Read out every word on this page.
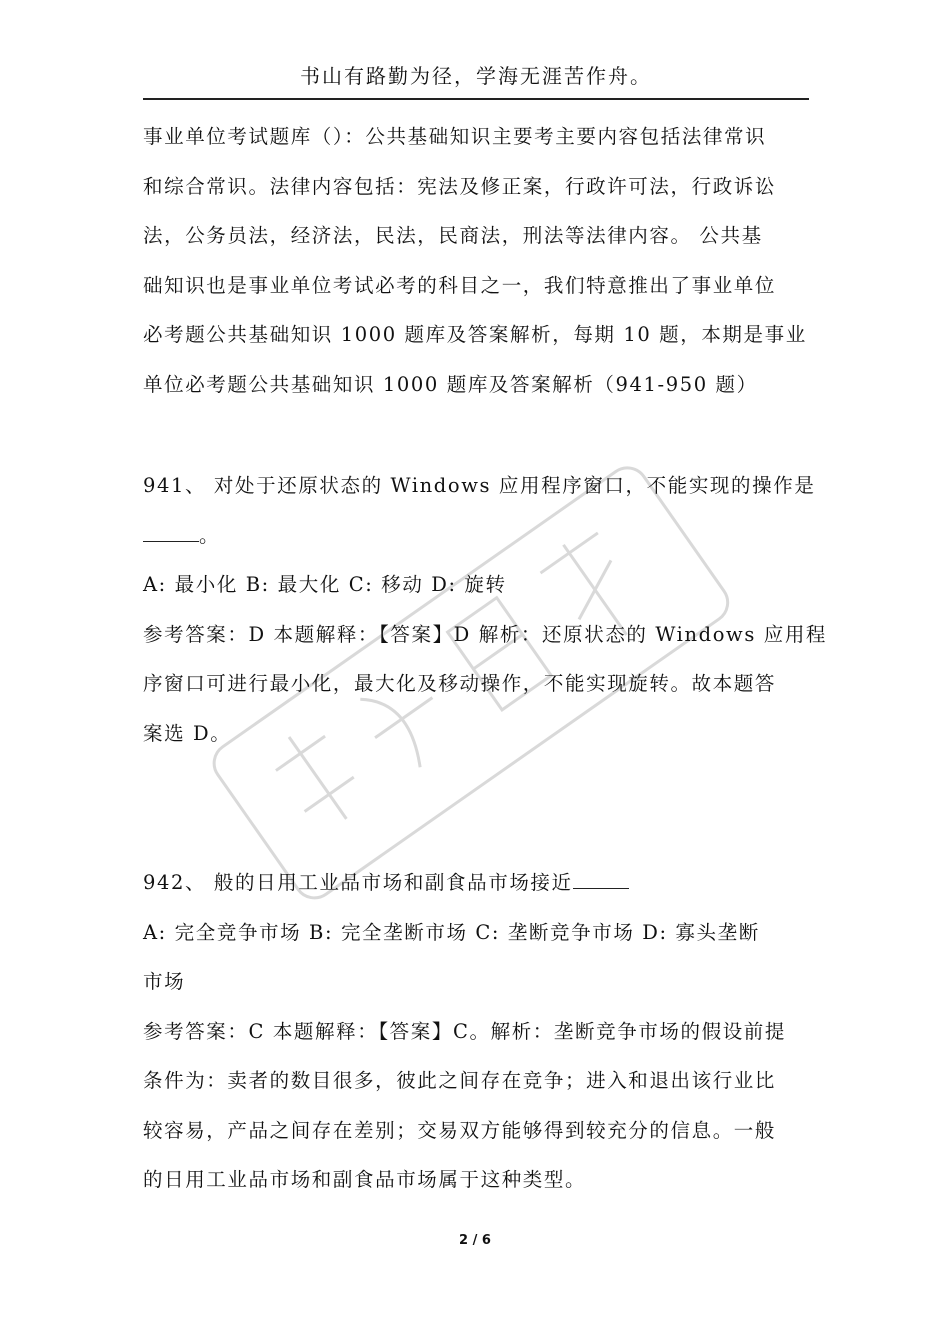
书山有路勤为径，学海无涯苦作舟。
事业单位考试题库（）：公共基础知识主要考主要内容包括法律常识
和综合常识。法律内容包括：宪法及修正案，行政许可法，行政诉讼
法，公务员法，经济法，民法，民商法，刑法等法律内容。 公共基
础知识也是事业单位考试必考的科目之一，我们特意推出了事业单位
必考题公共基础知识 1000 题库及答案解析，每期 10 题，本期是事业
单位必考题公共基础知识 1000 题库及答案解析（941-950 题）
941、 对处于还原状态的 Windows 应用程序窗口，不能实现的操作是
。
A: 最小化 B: 最大化 C: 移动 D: 旋转
参考答案：D 本题解释：【答案】D 解析：还原状态的 Windows 应用程
序窗口可进行最小化，最大化及移动操作，不能实现旋转。故本题答
案选 D。
942、 般的日用工业品市场和副食品市场接近
A: 完全竞争市场 B: 完全垄断市场 C: 垄断竞争市场 D: 寡头垄断
市场
参考答案：C 本题解释：【答案】C。解析：垄断竞争市场的假设前提
条件为：卖者的数目很多，彼此之间存在竞争；进入和退出该行业比
较容易，产品之间存在差别；交易双方能够得到较充分的信息。一般
的日用工业品市场和副食品市场属于这种类型。
2 / 6
